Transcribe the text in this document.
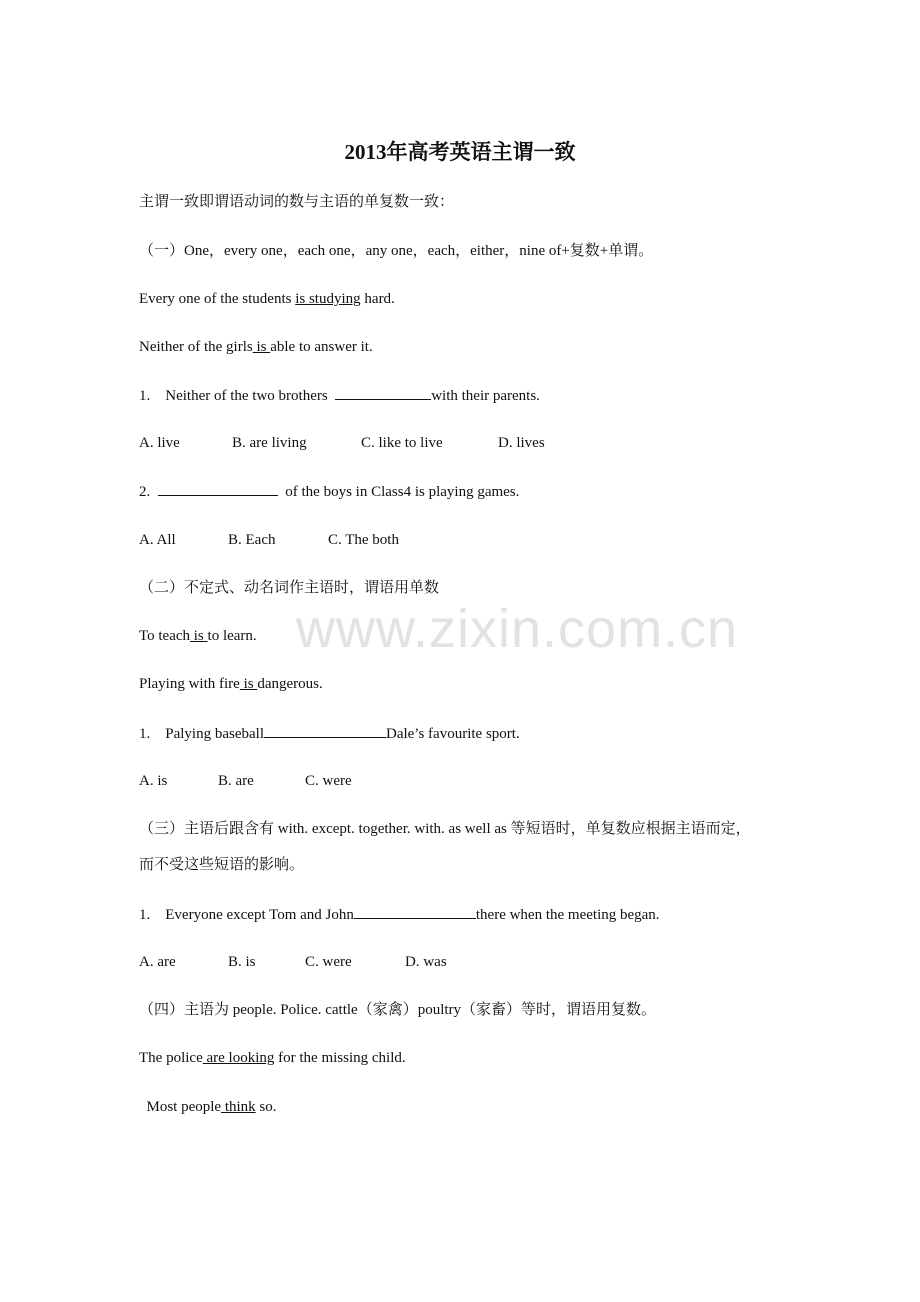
www.zixin.com.cn
2013年高考英语主谓一致
主谓一致即谓语动词的数与主语的单复数一致：
（一）One，every one，each one，any one，each，either，nine of+复数+单谓。
Every one of the students is studying hard.
Neither of the girls is able to answer it.
1.    Neither of the two brothers	with their parents.
A. live	B. are living	C. like to live	D. lives
2.	of the boys in Class4 is playing games.
A. All	B. Each	C. The both
（二）不定式、动名词作主语时，谓语用单数
To teach is to learn.
Playing with fire is dangerous.
1.    Palying baseball	Dale’s favourite sport.
A. is	B. are	C. were
（三）主语后跟含有 with. except. together. with. as well as 等短语时，单复数应根据主语而定，
而不受这些短语的影响。
1.    Everyone except Tom and John	there when the meeting began.
A. are	B. is	C. were	D. was
（四）主语为 people. Police. cattle（家禽）poultry（家畜）等时，谓语用复数。
The police are looking for the missing child.
Most people think so.
